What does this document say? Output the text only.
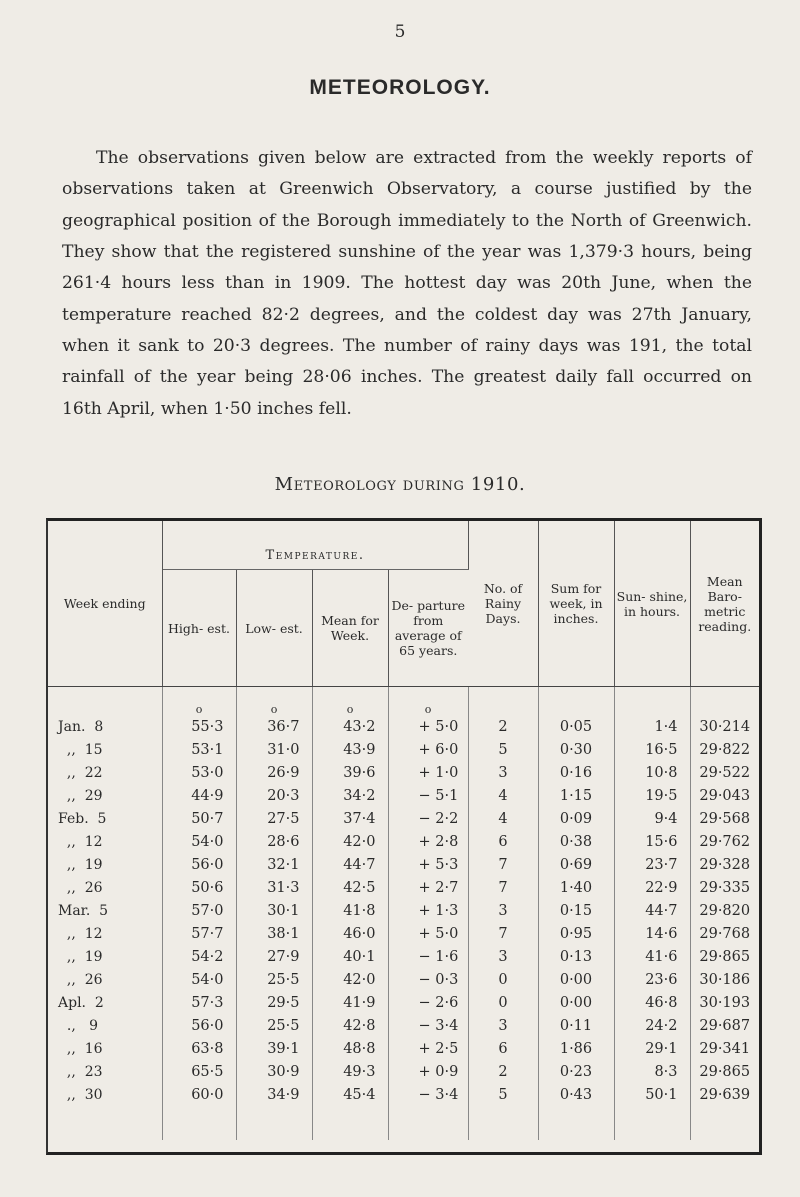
5
METEOROLOGY.

The observations given below are extracted from the weekly reports of observations taken at Greenwich Observatory, a course justified by the geographical position of the Borough immediately to the North of Greenwich. They show that the registered sunshine of the year was 1,379·3 hours, being 261·4 hours less than in 1909. The hottest day was 20th June, when the temperature reached 82·2 degrees, and the coldest day was 27th January, when it sank to 20·3 degrees. The number of rainy days was 191, the total rainfall of the year being 28·06 inches. The greatest daily fall occurred on 16th April, when 1·50 inches fell.

Meteorology during 1910.
Week ending	Temperature.				No. of Rainy Days.	Sum for week, in inches.	Sun- shine, in hours.	Mean Baro- metric reading.
	High- est.	Low- est.	Mean for Week.	De- parture from average of 65 years.				
	o	o	o	o				
Jan.  8	55·3	36·7	43·2	+ 5·0	2	0·05	1·4	30·214
,,  15	53·1	31·0	43·9	+ 6·0	5	0·30	16·5	29·822
,,  22	53·0	26·9	39·6	+ 1·0	3	0·16	10·8	29·522
,,  29	44·9	20·3	34·2	− 5·1	4	1·15	19·5	29·043
Feb.  5	50·7	27·5	37·4	− 2·2	4	0·09	9·4	29·568
,,  12	54·0	28·6	42·0	+ 2·8	6	0·38	15·6	29·762
,,  19	56·0	32·1	44·7	+ 5·3	7	0·69	23·7	29·328
,,  26	50·6	31·3	42·5	+ 2·7	7	1·40	22·9	29·335
Mar.  5	57·0	30·1	41·8	+ 1·3	3	0·15	44·7	29·820
,,  12	57·7	38·1	46·0	+ 5·0	7	0·95	14·6	29·768
,,  19	54·2	27·9	40·1	− 1·6	3	0·13	41·6	29·865
,,  26	54·0	25·5	42·0	− 0·3	0	0·00	23·6	30·186
Apl.  2	57·3	29·5	41·9	− 2·6	0	0·00	46·8	30·193
.,   9	56·0	25·5	42·8	− 3·4	3	0·11	24·2	29·687
,,  16	63·8	39·1	48·8	+ 2·5	6	1·86	29·1	29·341
,,  23	65·5	30·9	49·3	+ 0·9	2	0·23	8·3	29·865
,,  30	60·0	34·9	45·4	− 3·4	5	0·43	50·1	29·639
